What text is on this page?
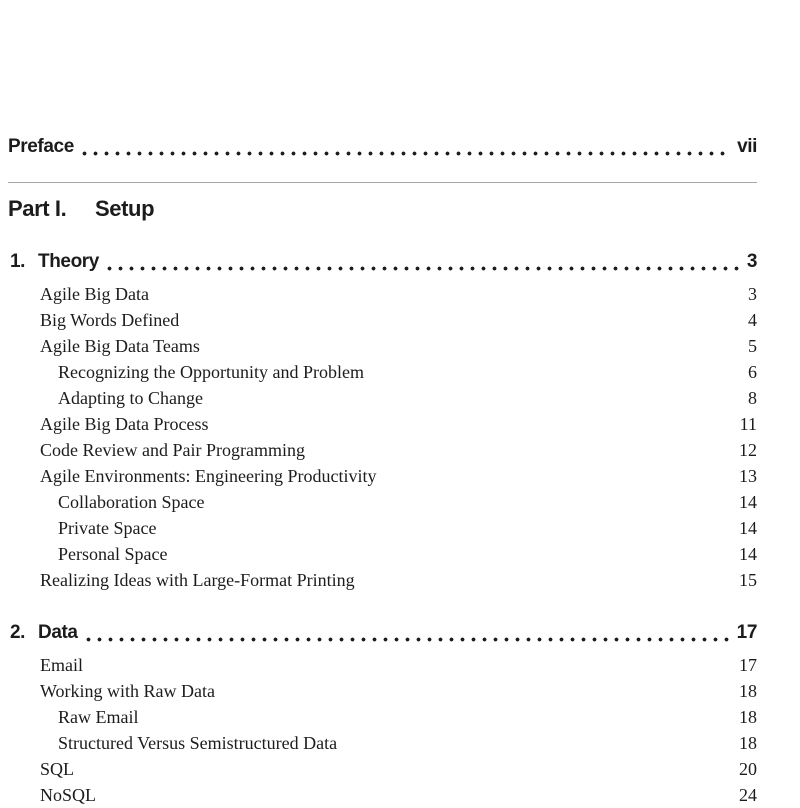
Preface	vii
Part I. Setup
1. Theory	3
Agile Big Data	3
Big Words Defined	4
Agile Big Data Teams	5
Recognizing the Opportunity and Problem	6
Adapting to Change	8
Agile Big Data Process	11
Code Review and Pair Programming	12
Agile Environments: Engineering Productivity	13
Collaboration Space	14
Private Space	14
Personal Space	14
Realizing Ideas with Large-Format Printing	15
2. Data	17
Email	17
Working with Raw Data	18
Raw Email	18
Structured Versus Semistructured Data	18
SQL	20
NoSQL	24
